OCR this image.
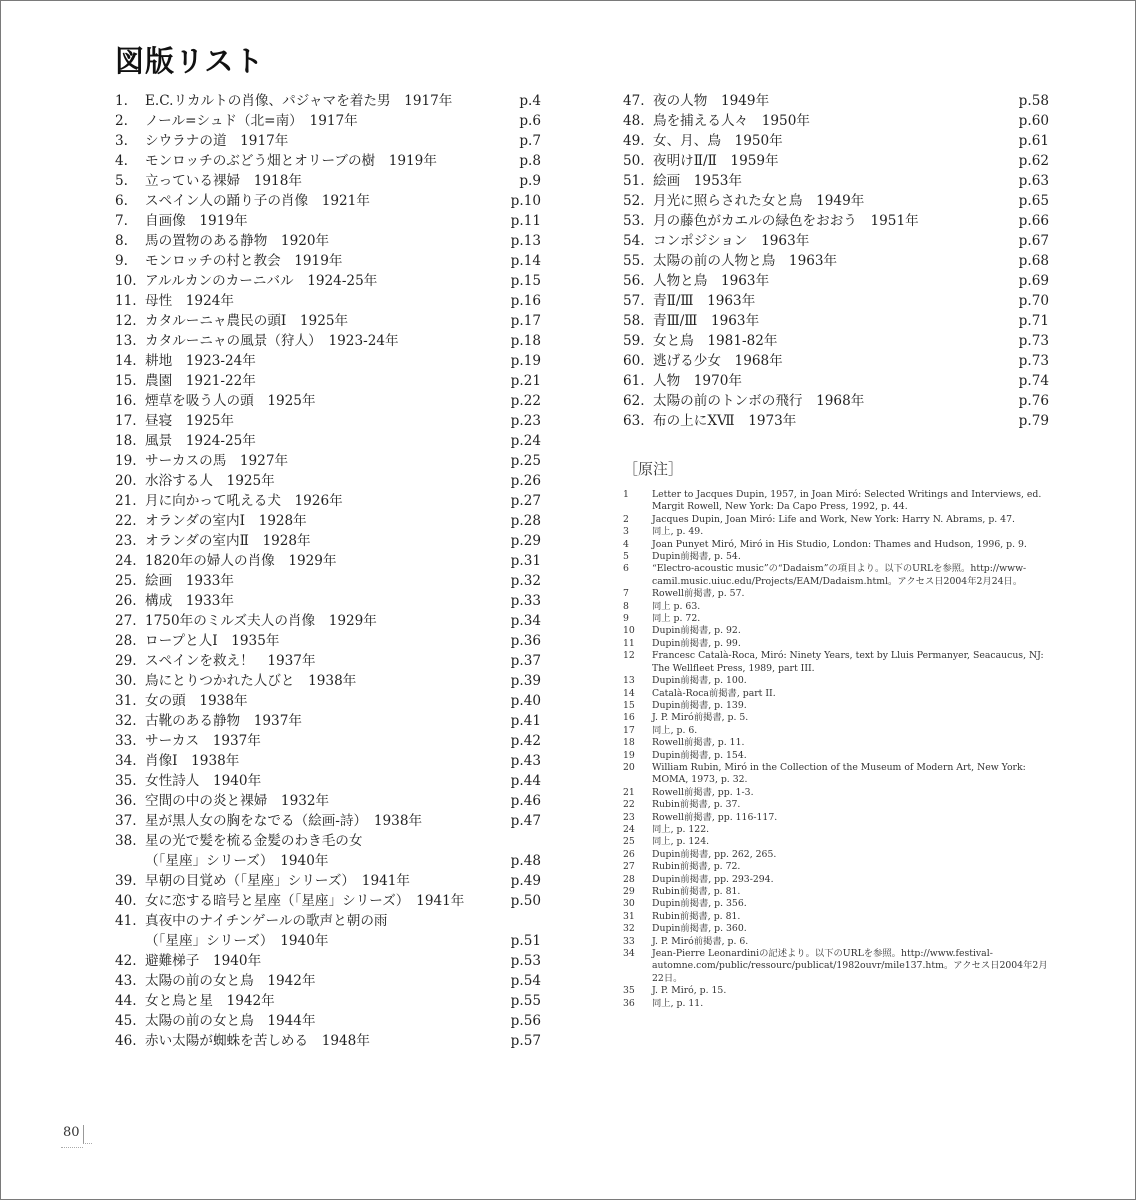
図版リスト
1. E.C.リカルトの肖像、パジャマを着た男　1917年	p.4
2. ノール=シュド（北=南）　1917年	p.6
3. シウラナの道　1917年	p.7
4. モンロッチのぶどう畑とオリーブの樹　1919年	p.8
5. 立っている裸婦　1918年	p.9
6. スペイン人の踊り子の肖像　1921年	p.10
7. 自画像　1919年	p.11
8. 馬の置物のある静物　1920年	p.13
9. モンロッチの村と教会　1919年	p.14
10. アルルカンのカーニバル　1924-25年	p.15
11. 母性　1924年	p.16
12. カタルーニャ農民の頭Ⅰ　1925年	p.17
13. カタルーニャの風景（狩人）　1923-24年	p.18
14. 耕地　1923-24年	p.19
15. 農園　1921-22年	p.21
16. 煙草を吸う人の頭　1925年	p.22
17. 昼寝　1925年	p.23
18. 風景　1924-25年	p.24
19. サーカスの馬　1927年	p.25
20. 水浴する人　1925年	p.26
21. 月に向かって吼える犬　1926年	p.27
22. オランダの室内Ⅰ　1928年	p.28
23. オランダの室内Ⅱ　1928年	p.29
24. 1820年の婦人の肖像　1929年	p.31
25. 絵画　1933年	p.32
26. 構成　1933年	p.33
27. 1750年のミルズ夫人の肖像　1929年	p.34
28. ロープと人Ⅰ　1935年	p.36
29. スペインを救え！　1937年	p.37
30. 鳥にとりつかれた人びと　1938年	p.39
31. 女の頭　1938年	p.40
32. 古靴のある静物　1937年	p.41
33. サーカス　1937年	p.42
34. 肖像Ⅰ　1938年	p.43
35. 女性詩人　1940年	p.44
36. 空間の中の炎と裸婦　1932年	p.46
37. 星が黒人女の胸をなでる（絵画-詩）　1938年	p.47
38. 星の光で髪を梳る金髪のわき毛の女
（「星座」シリーズ）　1940年	p.48
39. 早朝の目覚め（「星座」シリーズ）　1941年	p.49
40. 女に恋する暗号と星座（「星座」シリーズ）　1941年	p.50
41. 真夜中のナイチンゲールの歌声と朝の雨
（「星座」シリーズ）　1940年	p.51
42. 避難梯子　1940年	p.53
43. 太陽の前の女と鳥　1942年	p.54
44. 女と鳥と星　1942年	p.55
45. 太陽の前の女と鳥　1944年	p.56
46. 赤い太陽が蜘蛛を苦しめる　1948年	p.57
47. 夜の人物　1949年	p.58
48. 鳥を捕える人々　1950年	p.60
49. 女、月、鳥　1950年	p.61
50. 夜明けⅡ/Ⅱ　1959年	p.62
51. 絵画　1953年	p.63
52. 月光に照らされた女と鳥　1949年	p.65
53. 月の藤色がカエルの緑色をおおう　1951年	p.66
54. コンポジション　1963年	p.67
55. 太陽の前の人物と鳥　1963年	p.68
56. 人物と鳥　1963年	p.69
57. 青Ⅱ/Ⅲ　1963年	p.70
58. 青Ⅲ/Ⅲ　1963年	p.71
59. 女と鳥　1981-82年	p.73
60. 逃げる少女　1968年	p.73
61. 人物　1970年	p.74
62. 太陽の前のトンボの飛行　1968年	p.76
63. 布の上にⅩⅦ　1973年	p.79
［原注］
1 Letter to Jacques Dupin, 1957, in Joan Miró: Selected Writings and Interviews, ed. Margit Rowell, New York: Da Capo Press, 1992, p. 44.
2 Jacques Dupin, Joan Miró: Life and Work, New York: Harry N. Abrams, p. 47.
3 同上, p. 49.
4 Joan Punyet Miró, Miró in His Studio, London: Thames and Hudson, 1996, p. 9.
5 Dupin前掲書, p. 54.
6 “Electro-acoustic music”の“Dadaism”の項目より。以下のURLを参照。http://www-camil.music.uiuc.edu/Projects/EAM/Dadaism.html。アクセス日2004年2月24日。
7 Rowell前掲書, p. 57.
8 同上 p. 63.
9 同上 p. 72.
10 Dupin前掲書, p. 92.
11 Dupin前掲書, p. 99.
12 Francesc Català-Roca, Miró: Ninety Years, text by Lluis Permanyer, Seacaucus, NJ: The Wellfleet Press, 1989, part III.
13 Dupin前掲書, p. 100.
14 Català-Roca前掲書, part II.
15 Dupin前掲書, p. 139.
16 J. P. Miró前掲書, p. 5.
17 同上, p. 6.
18 Rowell前掲書, p. 11.
19 Dupin前掲書, p. 154.
20 William Rubin, Miró in the Collection of the Museum of Modern Art, New York: MOMA, 1973, p. 32.
21 Rowell前掲書, pp. 1-3.
22 Rubin前掲書, p. 37.
23 Rowell前掲書, pp. 116-117.
24 同上, p. 122.
25 同上, p. 124.
26 Dupin前掲書, pp. 262, 265.
27 Rubin前掲書, p. 72.
28 Dupin前掲書, pp. 293-294.
29 Rubin前掲書, p. 81.
30 Dupin前掲書, p. 356.
31 Rubin前掲書, p. 81.
32 Dupin前掲書, p. 360.
33 J. P. Miró前掲書, p. 6.
34 Jean-Pierre Leonardiniの記述より。以下のURLを参照。http://www.festival-automne.com/public/ressourc/publicat/1982ouvr/mile137.htm。アクセス日2004年2月22日。
35 J. P. Miró, p. 15.
36 同上, p. 11.
80
